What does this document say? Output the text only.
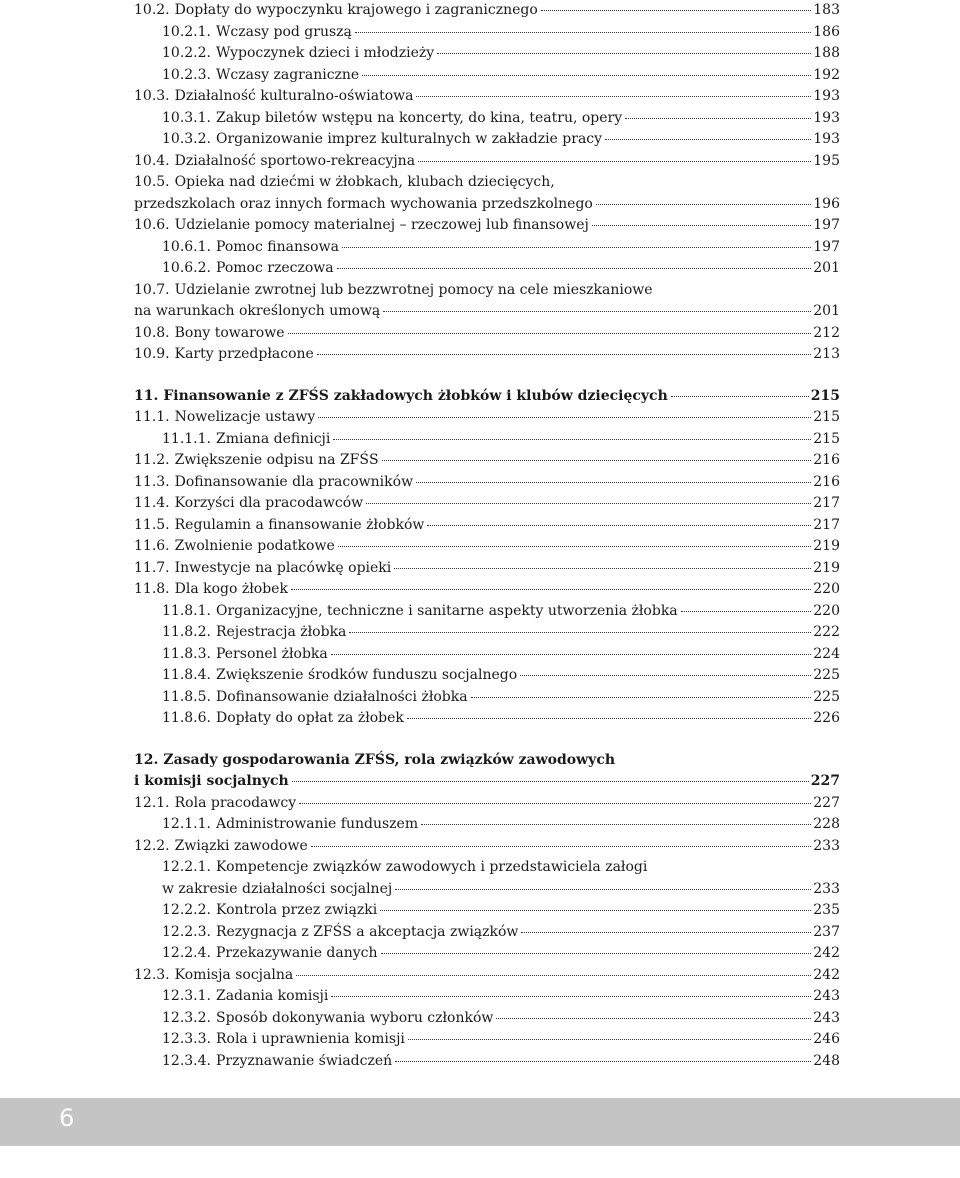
10.2. Dopłaty do wypoczynku krajowego i zagranicznego	183
10.2.1. Wczasy pod gruszą	186
10.2.2. Wypoczynek dzieci i młodzieży	188
10.2.3. Wczasy zagraniczne	192
10.3. Działalność kulturalno-oświatowa	193
10.3.1. Zakup biletów wstępu na koncerty, do kina, teatru, opery	193
10.3.2. Organizowanie imprez kulturalnych w zakładzie pracy	193
10.4. Działalność sportowo-rekreacyjna	195
10.5. Opieka nad dziećmi w żłobkach, klubach dziecięcych,
przedszkolach oraz innych formach wychowania przedszkolnego	196
10.6. Udzielanie pomocy materialnej – rzeczowej lub finansowej	197
10.6.1. Pomoc finansowa	197
10.6.2. Pomoc rzeczowa	201
10.7. Udzielanie zwrotnej lub bezzwrotnej pomocy na cele mieszkaniowe
na warunkach określonych umową	201
10.8. Bony towarowe	212
10.9. Karty przedpłacone	213
11. Finansowanie z ZFŚS zakładowych żłobków i klubów dziecięcych	215
11.1. Nowelizacje ustawy	215
11.1.1. Zmiana definicji	215
11.2. Zwiększenie odpisu na ZFŚS	216
11.3. Dofinansowanie dla pracowników	216
11.4. Korzyści dla pracodawców	217
11.5. Regulamin a finansowanie żłobków	217
11.6. Zwolnienie podatkowe	219
11.7. Inwestycje na placówkę opieki	219
11.8. Dla kogo żłobek	220
11.8.1. Organizacyjne, techniczne i sanitarne aspekty utworzenia żłobka	220
11.8.2. Rejestracja żłobka	222
11.8.3. Personel żłobka	224
11.8.4. Zwiększenie środków funduszu socjalnego	225
11.8.5. Dofinansowanie działalności żłobka	225
11.8.6. Dopłaty do opłat za żłobek	226
12. Zasady gospodarowania ZFŚS, rola związków zawodowych
i komisji socjalnych	227
12.1. Rola pracodawcy	227
12.1.1. Administrowanie funduszem	228
12.2. Związki zawodowe	233
12.2.1. Kompetencje związków zawodowych i przedstawiciela załogi
w zakresie działalności socjalnej	233
12.2.2. Kontrola przez związki	235
12.2.3. Rezygnacja z ZFŚS a akceptacja związków	237
12.2.4. Przekazywanie danych	242
12.3. Komisja socjalna	242
12.3.1. Zadania komisji	243
12.3.2. Sposób dokonywania wyboru członków	243
12.3.3. Rola i uprawnienia komisji	246
12.3.4. Przyznawanie świadczeń	248
6
